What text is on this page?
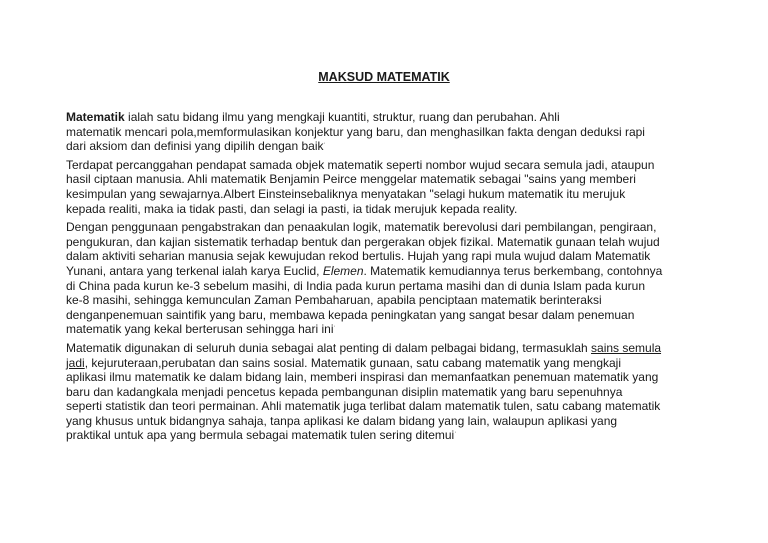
MAKSUD MATEMATIK
Matematik ialah satu bidang ilmu yang mengkaji kuantiti, struktur, ruang dan perubahan. Ahli
matematik mencari pola,memformulasikan konjektur yang baru, dan menghasilkan fakta dengan deduksi rapi
dari aksiom dan definisi yang dipilih dengan baik·
Terdapat percanggahan pendapat samada objek matematik seperti nombor wujud secara semula jadi, ataupun
hasil ciptaan manusia. Ahli matematik Benjamin Peirce menggelar matematik sebagai "sains yang memberi
kesimpulan yang sewajarnya.Albert Einsteinsebaliknya menyatakan "selagi hukum matematik itu merujuk
kepada realiti, maka ia tidak pasti, dan selagi ia pasti, ia tidak merujuk kepada reality.
Dengan penggunaan pengabstrakan dan penaakulan logik, matematik berevolusi dari pembilangan, pengiraan,
pengukuran, dan kajian sistematik terhadap bentuk dan pergerakan objek fizikal. Matematik gunaan telah wujud
dalam aktiviti seharian manusia sejak kewujudan rekod bertulis. Hujah yang rapi mula wujud dalam Matematik
Yunani, antara yang terkenal ialah karya Euclid, Elemen. Matematik kemudiannya terus berkembang, contohnya
di China pada kurun ke-3 sebelum masihi, di India pada kurun pertama masihi dan di dunia Islam pada kurun
ke-8 masihi, sehingga kemunculan Zaman Pembaharuan, apabila penciptaan matematik berinteraksi
denganpenemuan saintifik yang baru, membawa kepada peningkatan yang sangat besar dalam penemuan
matematik yang kekal berterusan sehingga hari ini·
Matematik digunakan di seluruh dunia sebagai alat penting di dalam pelbagai bidang, termasuklah sains semula
jadi, kejuruteraan,perubatan dan sains sosial. Matematik gunaan, satu cabang matematik yang mengkaji
aplikasi ilmu matematik ke dalam bidang lain, memberi inspirasi dan memanfaatkan penemuan matematik yang
baru dan kadangkala menjadi pencetus kepada pembangunan disiplin matematik yang baru sepenuhnya
seperti statistik dan teori permainan. Ahli matematik juga terlibat dalam matematik tulen, satu cabang matematik
yang khusus untuk bidangnya sahaja, tanpa aplikasi ke dalam bidang yang lain, walaupun aplikasi yang
praktikal untuk apa yang bermula sebagai matematik tulen sering ditemui·
